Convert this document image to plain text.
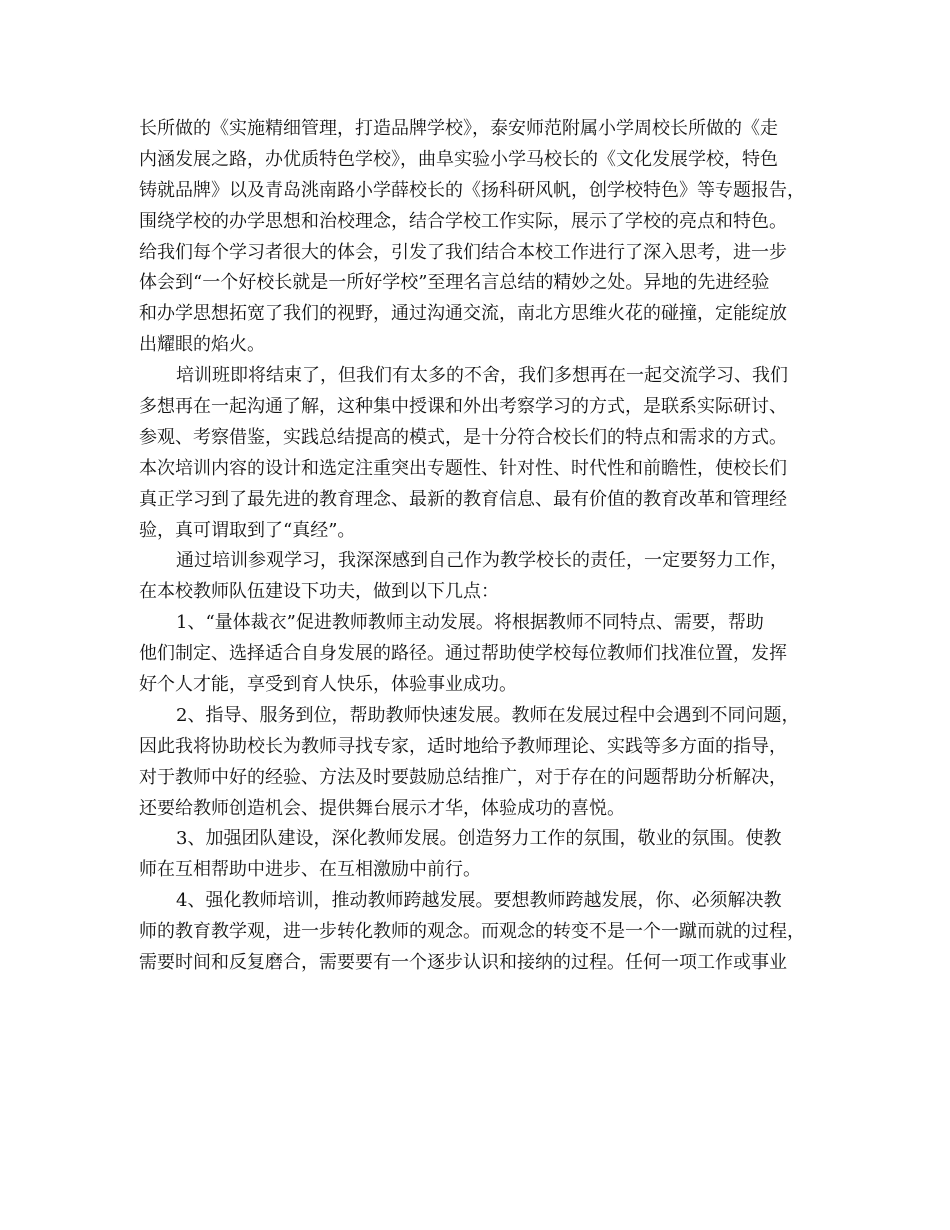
长所做的《实施精细管理，打造品牌学校》，泰安师范附属小学周校长所做的《走
内涵发展之路，办优质特色学校》，曲阜实验小学马校长的《文化发展学校，特色
铸就品牌》以及青岛洮南路小学薛校长的《扬科研风帆，创学校特色》等专题报告，
围绕学校的办学思想和治校理念，结合学校工作实际，展示了学校的亮点和特色。
给我们每个学习者很大的体会，引发了我们结合本校工作进行了深入思考，进一步
体会到“一个好校长就是一所好学校”至理名言总结的精妙之处。异地的先进经验
和办学思想拓宽了我们的视野，通过沟通交流，南北方思维火花的碰撞，定能绽放
出耀眼的焰火。

培训班即将结束了，但我们有太多的不舍，我们多想再在一起交流学习、我们
多想再在一起沟通了解，这种集中授课和外出考察学习的方式，是联系实际研讨、
参观、考察借鉴，实践总结提高的模式，是十分符合校长们的特点和需求的方式。
本次培训内容的设计和选定注重突出专题性、针对性、时代性和前瞻性，使校长们
真正学习到了最先进的教育理念、最新的教育信息、最有价值的教育改革和管理经
验，真可谓取到了“真经”。

通过培训参观学习，我深深感到自己作为教学校长的责任，一定要努力工作，
在本校教师队伍建设下功夫，做到以下几点：

1、“量体裁衣”促进教师教师主动发展。将根据教师不同特点、需要，帮助
他们制定、选择适合自身发展的路径。通过帮助使学校每位教师们找准位置，发挥
好个人才能，享受到育人快乐，体验事业成功。

2、指导、服务到位，帮助教师快速发展。教师在发展过程中会遇到不同问题，
因此我将协助校长为教师寻找专家，适时地给予教师理论、实践等多方面的指导，
对于教师中好的经验、方法及时要鼓励总结推广，对于存在的问题帮助分析解决，
还要给教师创造机会、提供舞台展示才华，体验成功的喜悦。

3、加强团队建设，深化教师发展。创造努力工作的氛围，敬业的氛围。使教
师在互相帮助中进步、在互相激励中前行。

4、强化教师培训，推动教师跨越发展。要想教师跨越发展，你、必须解决教
师的教育教学观，进一步转化教师的观念。而观念的转变不是一个一蹴而就的过程，
需要时间和反复磨合，需要要有一个逐步认识和接纳的过程。任何一项工作或事业
